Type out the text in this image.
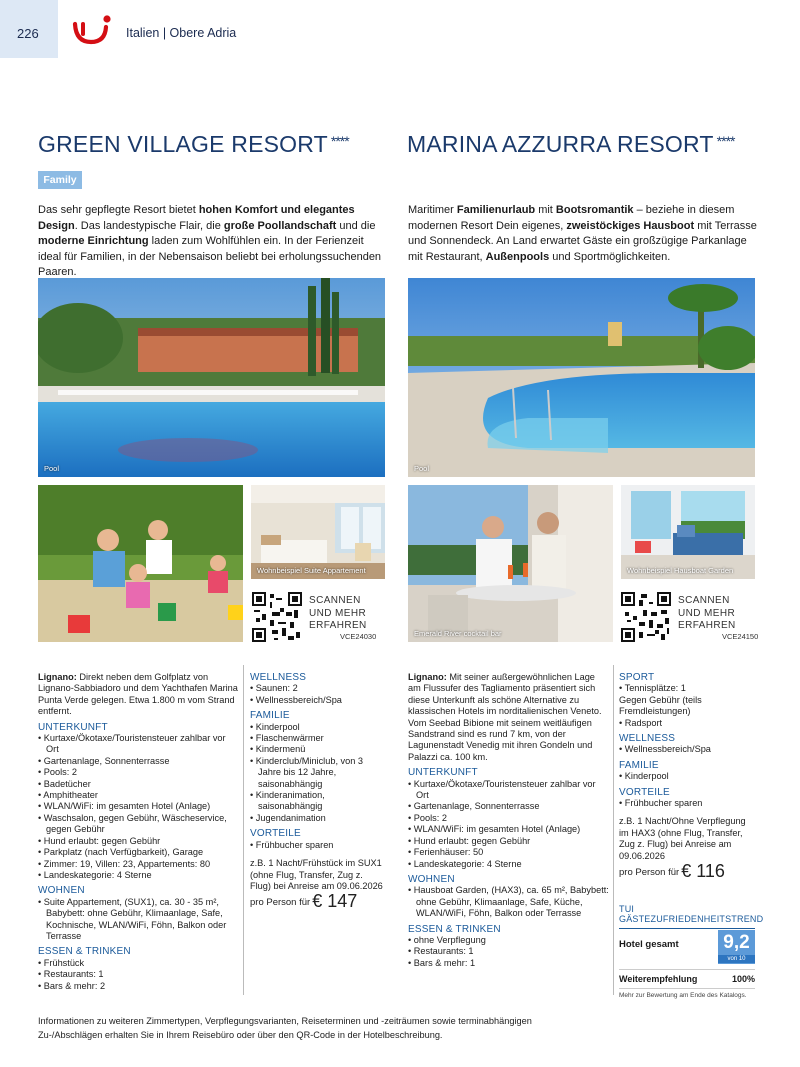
226	Italien | Obere Adria
GREEN VILLAGE RESORT ****	MARINA AZZURRA RESORT ****
Family
Das sehr gepflegte Resort bietet hohen Komfort und elegantes Design. Das landestypische Flair, die große Poollandschaft und die moderne Einrichtung laden zum Wohlfühlen ein. In der Ferienzeit ideal für Familien, in der Nebensaison beliebt bei erholungssuchenden Paaren.
Maritimer Familienurlaub mit Bootsromantik – beziehe in diesem modernen Resort Dein eigenes, zweistöckiges Hausboot mit Terrasse und Sonnendeck. An Land erwartet Gäste ein großzügige Parkanlage mit Restaurant, Außenpools und Sportmöglichkeiten.
Pool
Wohnbeispiel Suite Appartement
SCANNEN
UND MEHR
ERFAHREN
VCE24030
Pool
Emerald River cocktail bar
Wohnbeispiel Hausboat Garden
SCANNEN
UND MEHR
ERFAHREN
VCE24150

Lignano: Direkt neben dem Golfplatz von Lignano-Sabbiadoro und dem Yachthafen Marina Punta Verde gelegen. Etwa 1.800 m vom Strand entfernt.

UNTERKUNFT
• Kurtaxe/Ökotaxe/Touristensteuer zahlbar vor Ort
• Gartenanlage, Sonnenterrasse
• Pools: 2
• Badetücher
• Amphitheater
• WLAN/WiFi: im gesamten Hotel (Anlage)
• Waschsalon, gegen Gebühr, Wäscheservice, gegen Gebühr
• Hund erlaubt: gegen Gebühr
• Parkplatz (nach Verfügbarkeit), Garage
• Zimmer: 19, Villen: 23, Appartements: 80
• Landeskategorie: 4 Sterne
WOHNEN
• Suite Appartement, (SUX1), ca. 30 - 35 m², Babybett: ohne Gebühr, Klimaanlage, Safe, Kochnische, WLAN/WiFi, Föhn, Balkon oder Terrasse
ESSEN & TRINKEN
• Frühstück
• Restaurants: 1
• Bars & mehr: 2
WELLNESS
• Saunen: 2
• Wellnessbereich/Spa
FAMILIE
• Kinderpool
• Flaschenwärmer
• Kindermenü
• Kinderclub/Miniclub, von 3 Jahre bis 12 Jahre, saisonabhängig
• Kinderanimation, saisonabhängig
• Jugendanimation
VORTEILE
• Frühbucher sparen

z.B. 1 Nacht/Frühstück im SUX1 (ohne Flug, Transfer, Zug z. Flug) bei Anreise am 09.06.2026

pro Person für € 147

Lignano: Mit seiner außergewöhnlichen Lage am Flussufer des Tagliamento präsentiert sich diese Unterkunft als schöne Alternative zu klassischen Hotels im norditalienischen Veneto. Vom Seebad Bibione mit seinem weitläufigen Sandstrand sind es rund 7 km, von der Lagunenstadt Venedig mit ihren Gondeln und Palazzi ca. 100 km.

UNTERKUNFT
• Kurtaxe/Ökotaxe/Touristensteuer zahlbar vor Ort
• Gartenanlage, Sonnenterrasse
• Pools: 2
• WLAN/WiFi: im gesamten Hotel (Anlage)
• Hund erlaubt: gegen Gebühr
• Ferienhäuser: 50
• Landeskategorie: 4 Sterne
WOHNEN
• Hausboat Garden, (HAX3), ca. 65 m², Babybett: ohne Gebühr, Klimaanlage, Safe, Küche, WLAN/WiFi, Föhn, Balkon oder Terrasse
ESSEN & TRINKEN
• ohne Verpflegung
• Restaurants: 1
• Bars & mehr: 1
SPORT
• Tennisplätze: 1

Gegen Gebühr (teils Fremdleistungen)

• Radsport
WELLNESS
• Wellnessbereich/Spa
FAMILIE
• Kinderpool
VORTEILE
• Frühbucher sparen

z.B. 1 Nacht/Ohne Verpflegung im HAX3 (ohne Flug, Transfer, Zug z. Flug) bei Anreise am 09.06.2026

pro Person für € 116
TUI GÄSTEZUFRIEDENHEITSTREND
Hotel gesamt 9,2
von 10
Weiterempfehlung	100%
Mehr zur Bewertung am Ende des Katalogs.
Informationen zu weiteren Zimmertypen, Verpflegungsvarianten, Reiseterminen und -zeiträumen sowie terminabhängigen Zu-/Abschlägen erhalten Sie in Ihrem Reisebüro oder über den QR-Code in der Hotelbeschreibung.
